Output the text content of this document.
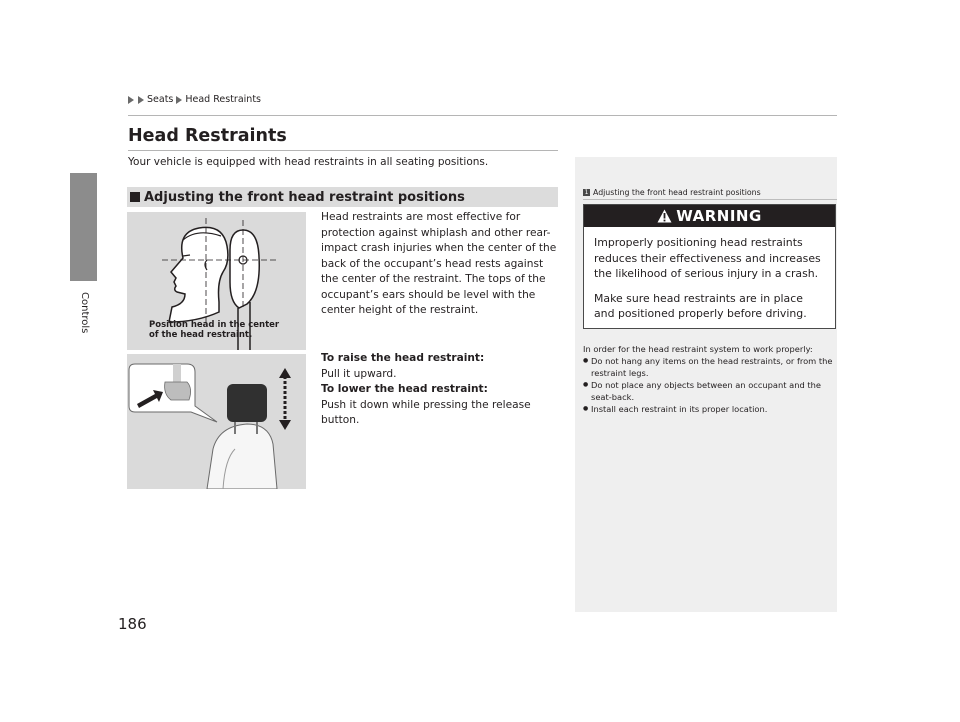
Controls
186
Seats Head Restraints
Head Restraints
Your vehicle is equipped with head restraints in all seating positions.
Adjusting the front head restraint positions
Position head in the center
of the head restraint.

Head restraints are most effective for protection against whiplash and other rear-impact crash injuries when the center of the back of the occupant’s head rests against the center of the restraint. The tops of the occupant’s ears should be level with the center height of the restraint.

To raise the head restraint:

Pull it upward.

To lower the head restraint:

Push it down while pressing the release button.

1 Adjusting the front head restraint positions
WARNING

Improperly positioning head restraints reduces their effectiveness and increases the likelihood of serious injury in a crash.

Make sure head restraints are in place and positioned properly before driving.

In order for the head restraint system to work properly:

● Do not hang any items on the head restraints, or from the restraint legs.
● Do not place any objects between an occupant and the seat-back.
● Install each restraint in its proper location.
